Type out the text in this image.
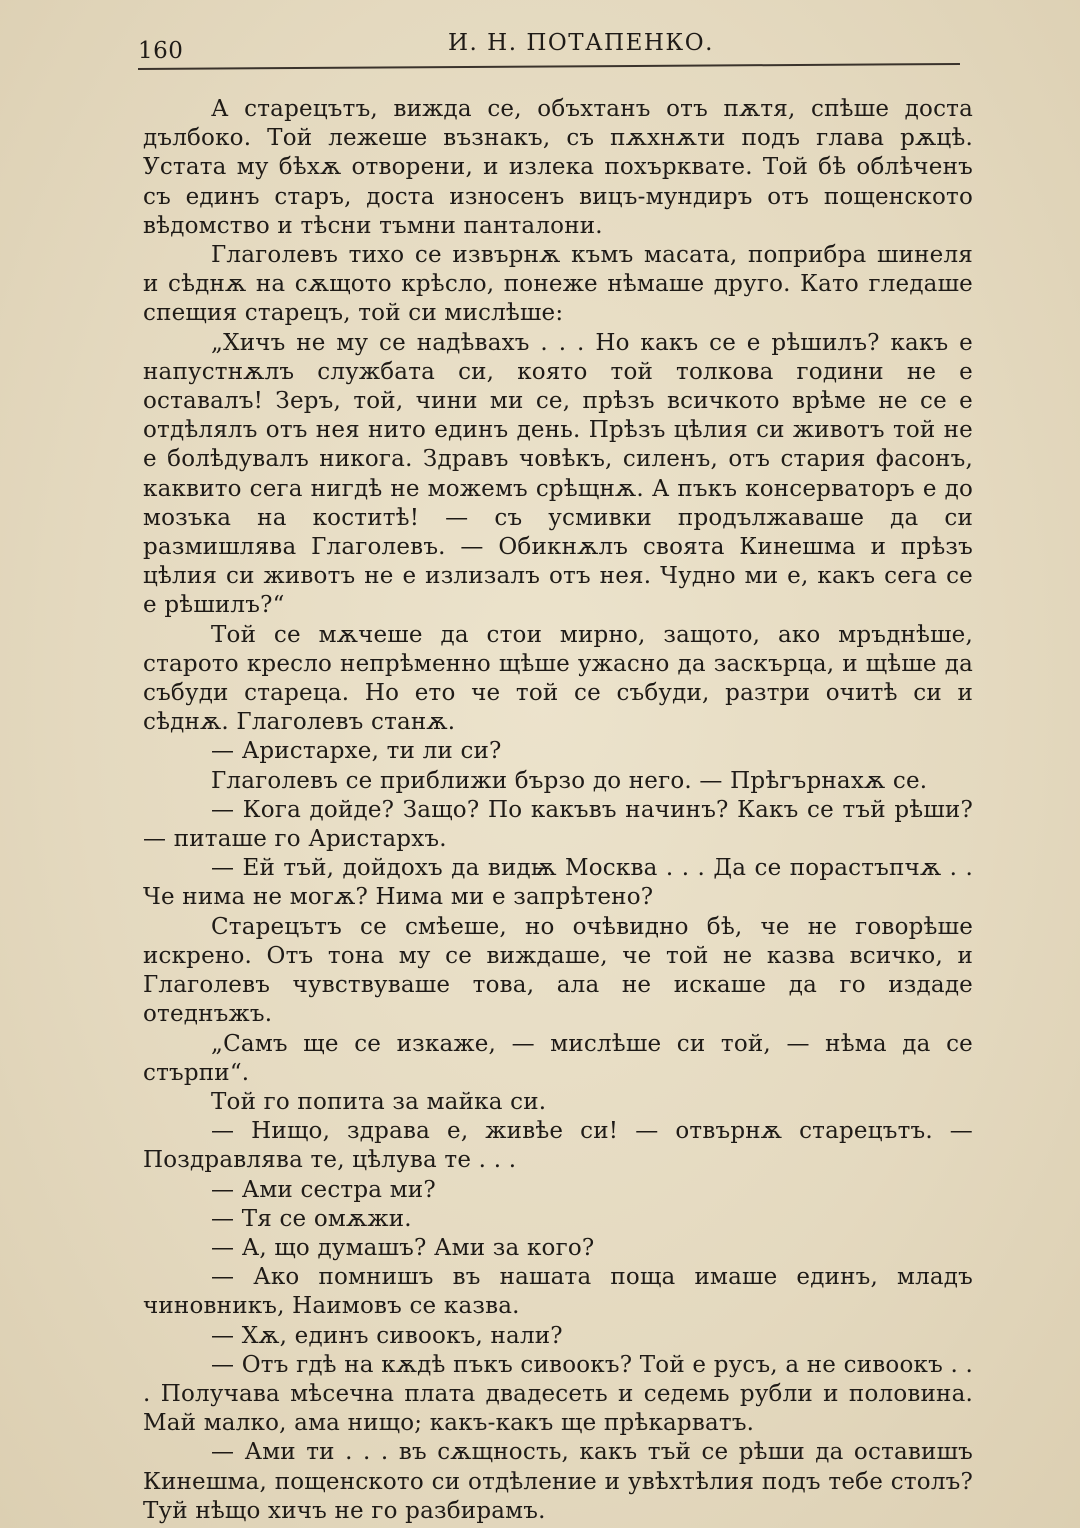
160	И. Н. ПОТАПЕНКО.

А старецътъ, вижда се, объхтанъ отъ пѫтя, спѣше доста дълбоко. Той лежеше възнакъ, съ пѫхнѫти подъ глава рѫцѣ. Устата му бѣхѫ отворени, и излека похърквате. Той бѣ облѣченъ съ единъ старъ, доста износенъ вицъ-мундиръ отъ пощенското вѣдомство и тѣсни тъмни панталони.

Глаголевъ тихо се извърнѫ къмъ масата, поприбра шинеля и сѣднѫ на сѫщото крѣсло, понеже нѣмаше друго. Като гледаше спещия старецъ, той си мислѣше:

„Хичъ не му се надѣвахъ . . . Но какъ се е рѣшилъ? какъ е напустнѫлъ службата си, която той толкова години не е оставалъ! Зеръ, той, чини ми се, прѣзъ всичкото врѣме не се е отдѣлялъ отъ нея нито единъ день. Прѣзъ цѣлия си животъ той не е болѣдувалъ никога. Здравъ човѣкъ, силенъ, отъ стария фасонъ, каквито сега нигдѣ не можемъ срѣщнѫ. А пъкъ консерваторъ е до мозъка на коститѣ! — съ усмивки продължаваше да си размишлява Глаголевъ. — Обикнѫлъ своята Кинешма и прѣзъ цѣлия си животъ не е излизалъ отъ нея. Чудно ми е, какъ сега се е рѣшилъ?“

Той се мѫчеше да стои мирно, защото, ако мръднѣше, старото кресло непрѣменно щѣше ужасно да заскърца, и щѣше да събуди стареца. Но ето че той се събуди, разтри очитѣ си и сѣднѫ. Глаголевъ станѫ.

— Аристархе, ти ли си?

Глаголевъ се приближи бързо до него. — Прѣгърнахѫ се.

— Кога дойде? Защо? По какъвъ начинъ? Какъ се тъй рѣши? — питаше го Аристархъ.

— Ей тъй, дойдохъ да видѭ Москва . . . Да се порастъпчѫ . . Че нима не могѫ? Нима ми е запрѣтено?

Старецътъ се смѣеше, но очѣвидно бѣ, че не говорѣше искрено. Отъ тона му се виждаше, че той не казва всичко, и Глаголевъ чувствуваше това, ала не искаше да го издаде отеднъжъ.

„Самъ ще се изкаже, — мислѣше си той, — нѣма да се стърпи“.

Той го попита за майка си.

— Нищо, здрава е, живѣе си! — отвърнѫ старецътъ. — Поздравлява те, цѣлува те . . .

— Ами сестра ми?

— Тя се омѫжи.

— А, що думашъ? Ами за кого?

— Ако помнишъ въ нашата поща имаше единъ, младъ чиновникъ, Наимовъ се казва.

— Хѫ, единъ сивоокъ, нали?

— Отъ гдѣ на кѫдѣ пъкъ сивоокъ? Той е русъ, а не сивоокъ . . . Получава мѣсечна плата двадесеть и седемь рубли и половина. Май малко, ама нищо; какъ-какъ ще прѣкарватъ.

— Ами ти . . . въ сѫщность, какъ тъй се рѣши да оставишъ Кинешма, пощенското си отдѣление и увѣхтѣлия подъ тебе столъ? Туй нѣщо хичъ не го разбирамъ.
